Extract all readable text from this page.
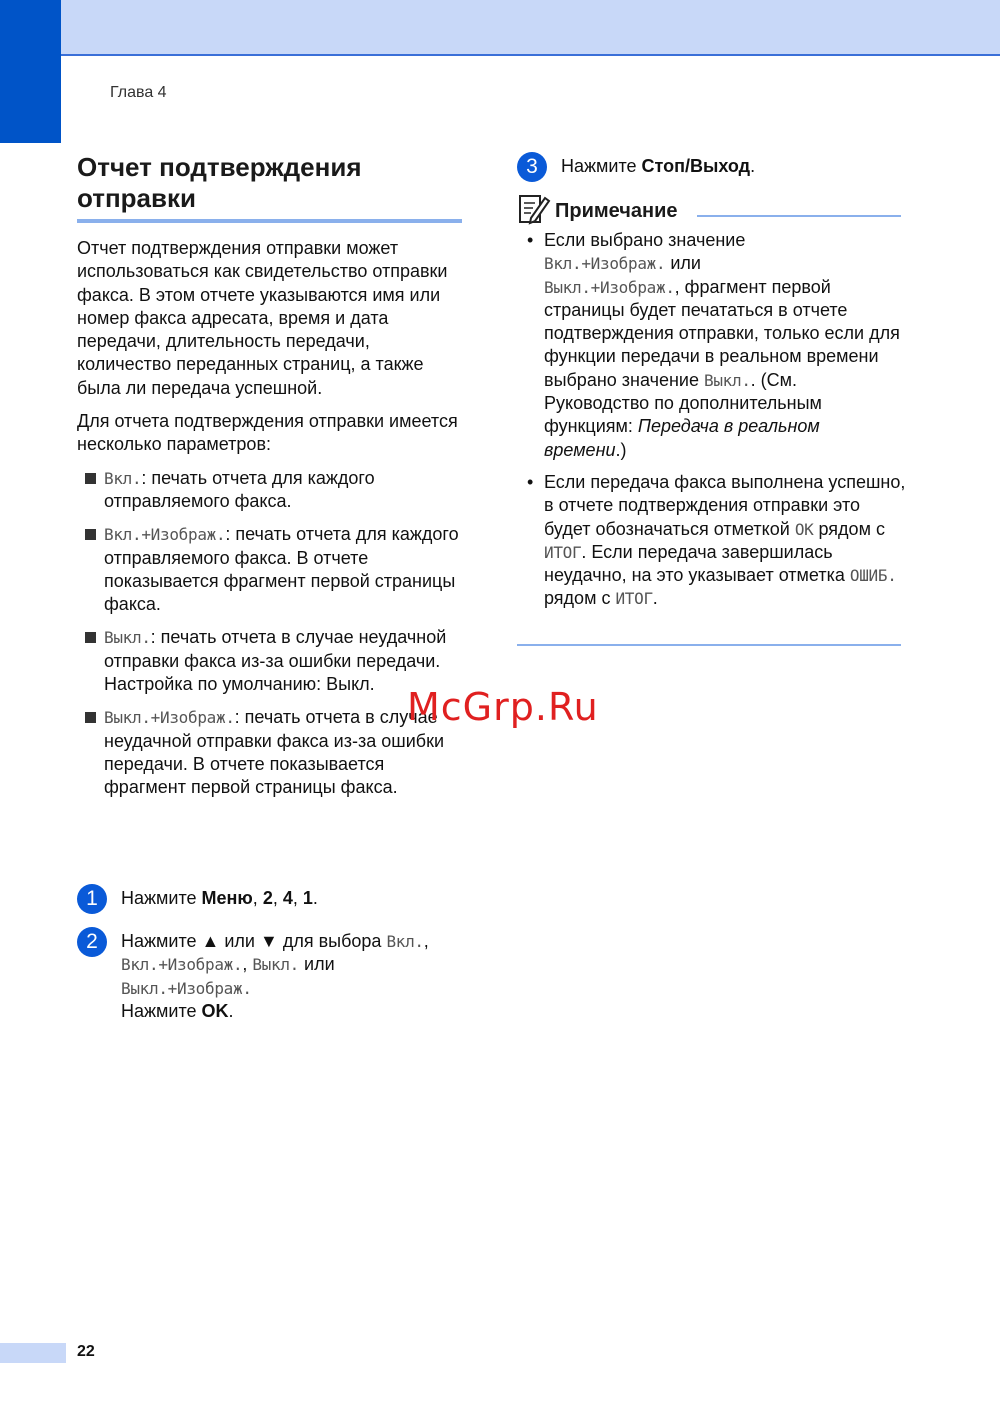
Глава 4
Отчет подтверждения
отправки

Отчет подтверждения отправки может использоваться как свидетельство отправки факса. В этом отчете указываются имя или номер факса адресата, время и дата передачи, длительность передачи, количество переданных страниц, а также была ли передача успешной.

Для отчета подтверждения отправки имеется несколько параметров:

Вкл.: печать отчета для каждого отправляемого факса.
Вкл.+Изображ.: печать отчета для каждого отправляемого факса. В отчете показывается фрагмент первой страницы факса.
Выкл.: печать отчета в случае неудачной отправки факса из-за ошибки передачи. Настройка по умолчанию: Выкл.
Выкл.+Изображ.: печать отчета в случае неудачной отправки факса из-за ошибки передачи. В отчете показывается фрагмент первой страницы факса.
1	Нажмите Меню, 2, 4, 1.
2	Нажмите ▲ или ▼ для выбора Вкл.,
Вкл.+Изображ., Выкл. или
Выкл.+Изображ.
Нажмите OK.
3	Нажмите Стоп/Выход.
Примечание
• Если выбрано значение
Вкл.+Изображ. или
Выкл.+Изображ., фрагмент первой страницы будет печататься в отчете подтверждения отправки, только если для функции передачи в реальном времени выбрано значение Выкл.. (См. Руководство по дополнительным функциям: Передача в реальном времени.)
• Если передача факса выполнена успешно, в отчете подтверждения отправки это будет обозначаться отметкой OK рядом с ИТОГ. Если передача завершилась неудачно, на это указывает отметка ОШИБ. рядом с ИТОГ.
McGrp.Ru
22
